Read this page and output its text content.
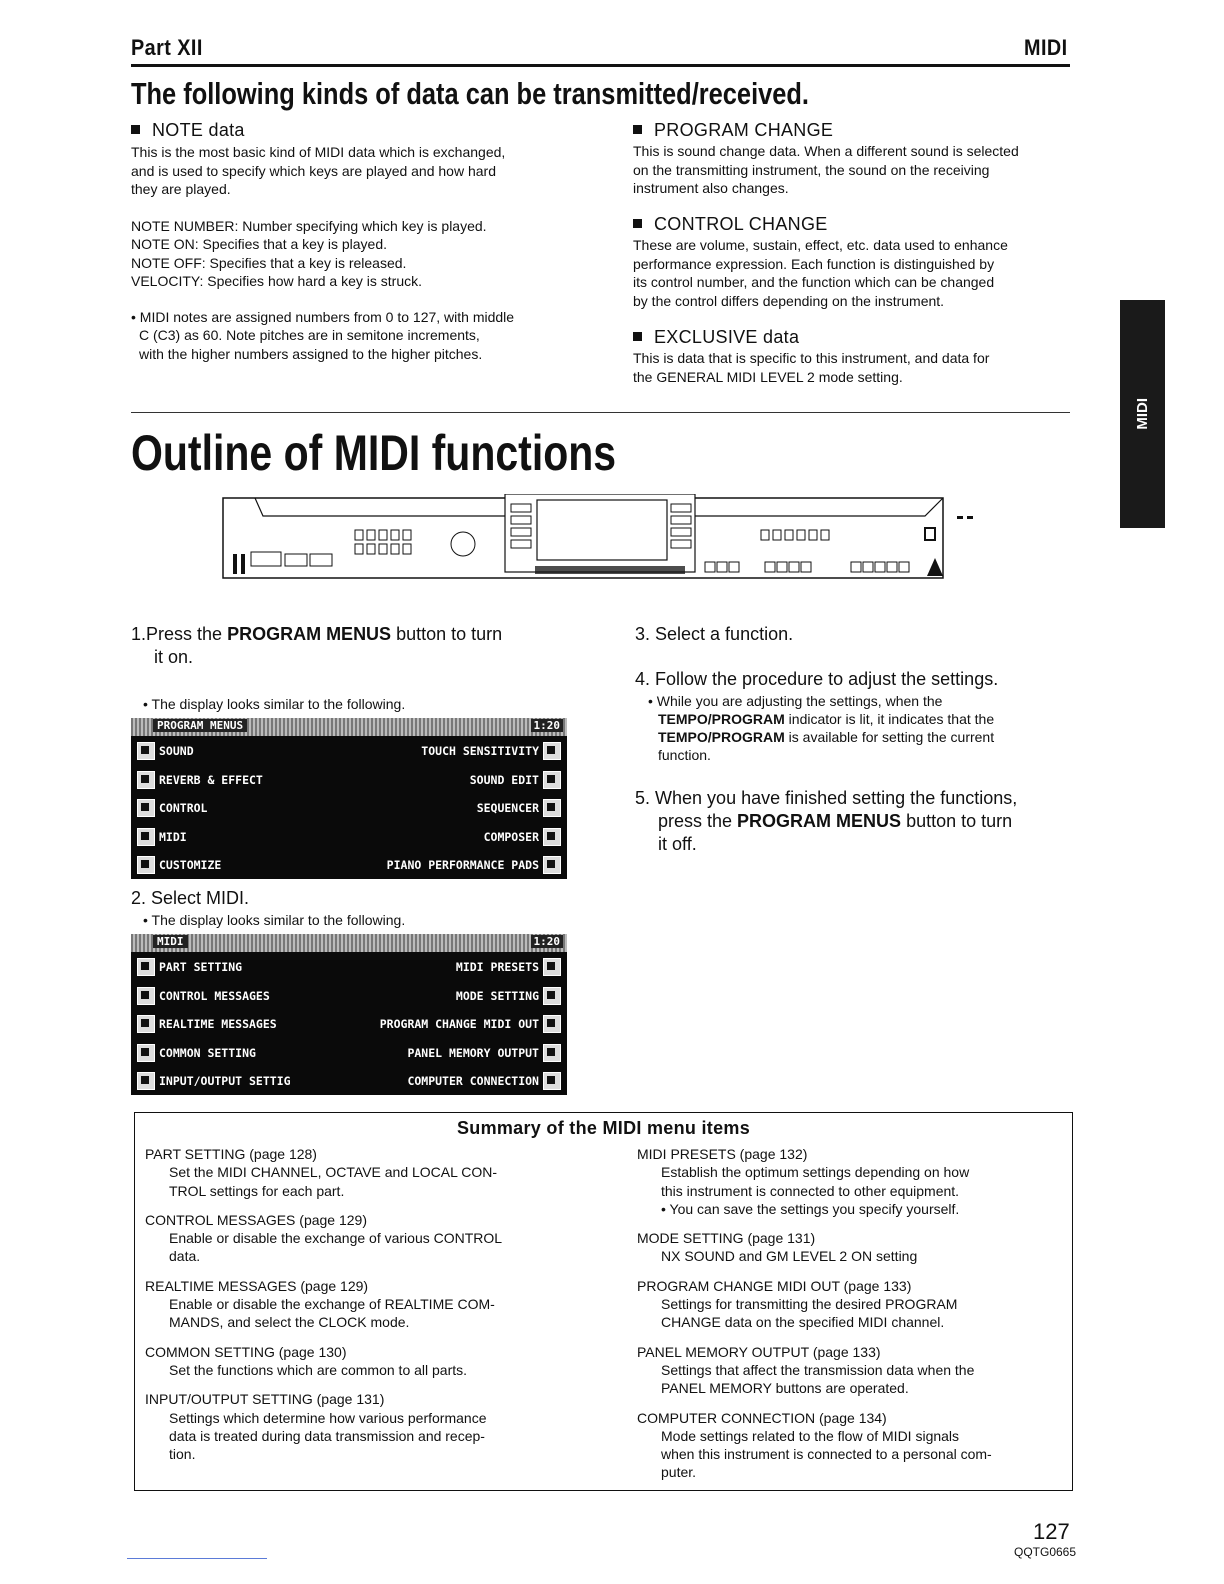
Part XII	MIDI
The following kinds of data can be transmitted/received.
NOTE data
This is the most basic kind of MIDI data which is exchanged,
and is used to specify which keys are played and how hard
they are played.
NOTE NUMBER: Number specifying which key is played.
NOTE ON: Specifies that a key is played.
NOTE OFF: Specifies that a key is released.
VELOCITY: Specifies how hard a key is struck.
• MIDI notes are assigned numbers from 0 to 127, with middle
C (C3) as 60. Note pitches are in semitone increments,
with the higher numbers assigned to the higher pitches.
PROGRAM CHANGE
This is sound change data. When a different sound is selected
on the transmitting instrument, the sound on the receiving
instrument also changes.
CONTROL CHANGE
These are volume, sustain, effect, etc. data used to enhance
performance expression. Each function is distinguished by
its control number, and the function which can be changed
by the control differs depending on the instrument.
EXCLUSIVE data
This is data that is specific to this instrument, and data for
the GENERAL MIDI LEVEL 2 mode setting.
MIDI
Outline of MIDI functions
1.Press the PROGRAM MENUS button to turn
it on.
• The display looks similar to the following.
PROGRAM MENUS	1:20
SOUND	TOUCH SENSITIVITY
REVERB & EFFECT	SOUND EDIT
CONTROL	SEQUENCER
MIDI	COMPOSER
CUSTOMIZE	PIANO PERFORMANCE PADS
2. Select MIDI.
• The display looks similar to the following.
MIDI	1:20
PART SETTING	MIDI PRESETS
CONTROL MESSAGES	MODE SETTING
REALTIME MESSAGES	PROGRAM CHANGE MIDI OUT
COMMON SETTING	PANEL MEMORY OUTPUT
INPUT/OUTPUT SETTIG	COMPUTER CONNECTION
3. Select a function.
4. Follow the procedure to adjust the settings.
• While you are adjusting the settings, when the
TEMPO/PROGRAM indicator is lit, it indicates that the
TEMPO/PROGRAM is available for setting the current
function.
5. When you have finished setting the functions,
press the PROGRAM MENUS button to turn
it off.
Summary of the MIDI menu items
PART SETTING (page 128)
Set the MIDI CHANNEL, OCTAVE and LOCAL CON-
TROL settings for each part.
CONTROL MESSAGES (page 129)
Enable or disable the exchange of various CONTROL
data.
REALTIME MESSAGES (page 129)
Enable or disable the exchange of REALTIME COM-
MANDS, and select the CLOCK mode.
COMMON SETTING (page 130)
Set the functions which are common to all parts.
INPUT/OUTPUT SETTING (page 131)
Settings which determine how various performance
data is treated during data transmission and recep-
tion.
MIDI PRESETS (page 132)
Establish the optimum settings depending on how
this instrument is connected to other equipment.
• You can save the settings you specify yourself.
MODE SETTING (page 131)
NX SOUND and GM LEVEL 2 ON setting
PROGRAM CHANGE MIDI OUT (page 133)
Settings for transmitting the desired PROGRAM
CHANGE data on the specified MIDI channel.
PANEL MEMORY OUTPUT (page 133)
Settings that affect the transmission data when the
PANEL MEMORY buttons are operated.
COMPUTER CONNECTION (page 134)
Mode settings related to the flow of MIDI signals
when this instrument is connected to a personal com-
puter.
127
QQTG0665
